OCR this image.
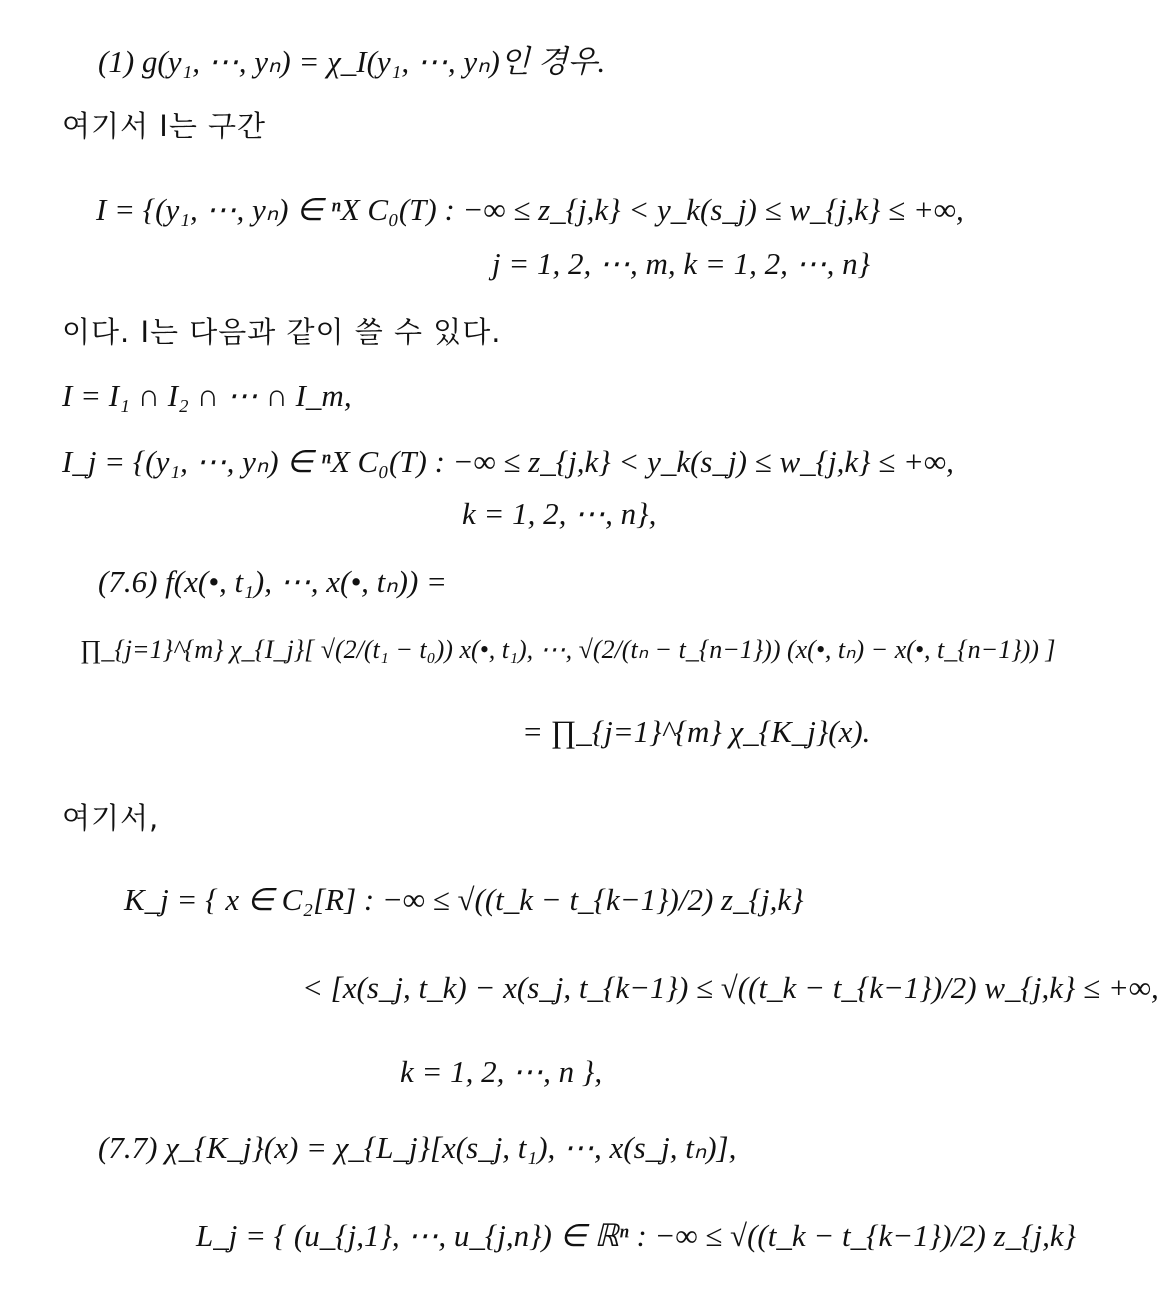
(1) g(y₁, ⋯, yₙ) = χ_I(y₁, ⋯, yₙ)인 경우.
여기서 I는 구간
I = {(y₁, ⋯, yₙ) ∈ ⁿX C₀(T) : −∞ ≤ z_{j,k} < y_k(s_j) ≤ w_{j,k} ≤ +∞,
j = 1, 2, ⋯, m, k = 1, 2, ⋯, n}
이다. I는 다음과 같이 쓸 수 있다.
I = I₁ ∩ I₂ ∩ ⋯ ∩ I_m,
I_j = {(y₁, ⋯, yₙ) ∈ ⁿX C₀(T) : −∞ ≤ z_{j,k} < y_k(s_j) ≤ w_{j,k} ≤ +∞,
k = 1, 2, ⋯, n},
(7.6) f(x(•, t₁), ⋯, x(•, tₙ)) =
∏_{j=1}^{m} χ_{I_j}[ √(2/(t₁ − t₀)) x(•, t₁), ⋯, √(2/(tₙ − t_{n−1})) (x(•, tₙ) − x(•, t_{n−1})) ]
= ∏_{j=1}^{m} χ_{K_j}(x).
여기서,
K_j = { x ∈ C₂[R] : −∞ ≤ √((t_k − t_{k−1})/2) z_{j,k}
< [x(s_j, t_k) − x(s_j, t_{k−1}) ≤ √((t_k − t_{k−1})/2) w_{j,k} ≤ +∞,
k = 1, 2, ⋯, n },
(7.7) χ_{K_j}(x) = χ_{L_j}[x(s_j, t₁), ⋯, x(s_j, tₙ)],
L_j = { (u_{j,1}, ⋯, u_{j,n}) ∈ ℝⁿ : −∞ ≤ √((t_k − t_{k−1})/2) z_{j,k}
